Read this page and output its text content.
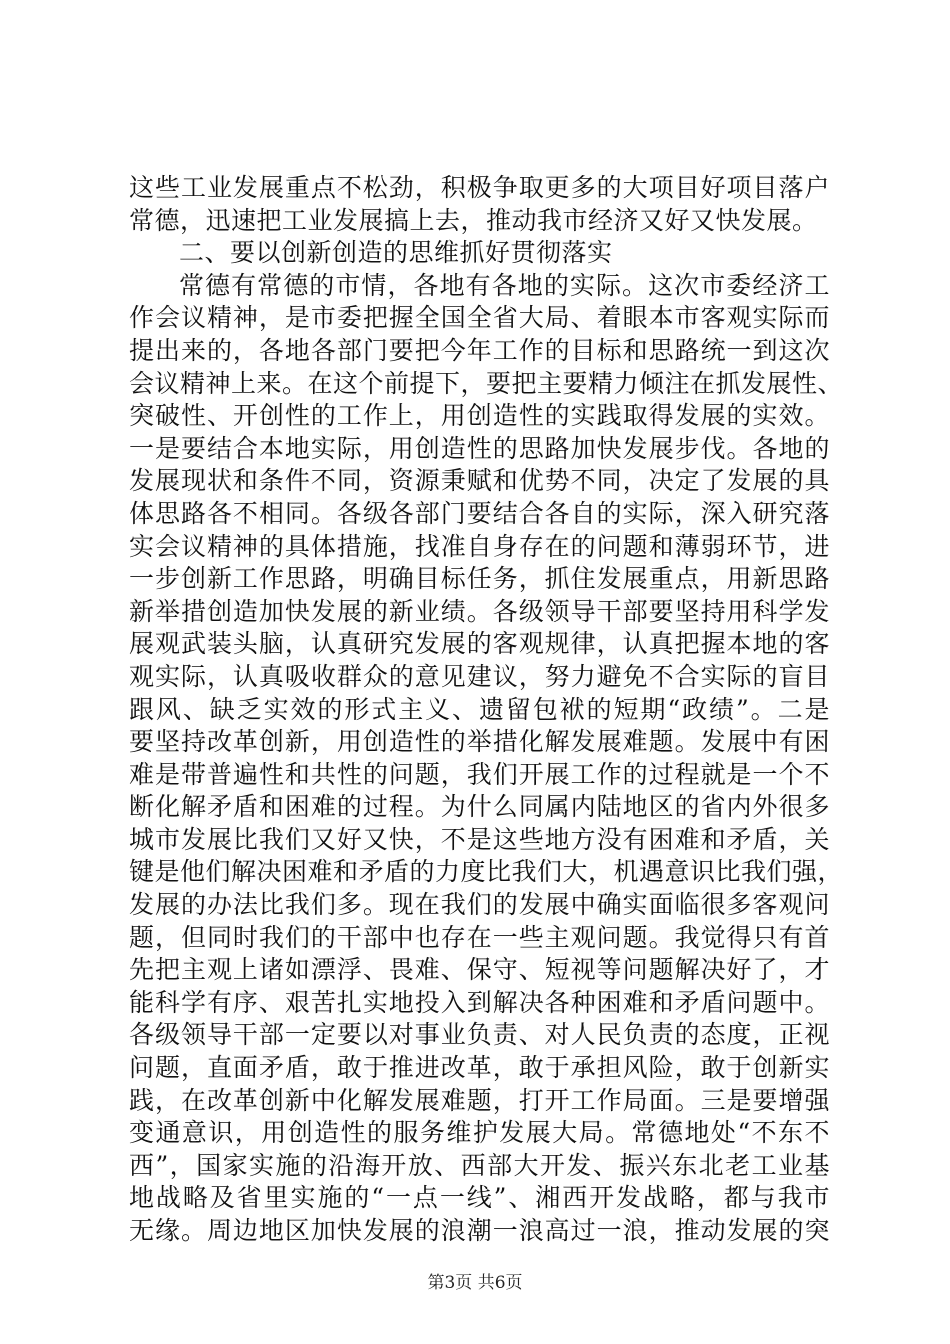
这些工业发展重点不松劲，积极争取更多的大项目好项目落户
常德，迅速把工业发展搞上去，推动我市经济又好又快发展。
二、要以创新创造的思维抓好贯彻落实
常德有常德的市情，各地有各地的实际。这次市委经济工
作会议精神，是市委把握全国全省大局、着眼本市客观实际而
提出来的，各地各部门要把今年工作的目标和思路统一到这次
会议精神上来。在这个前提下，要把主要精力倾注在抓发展性、
突破性、开创性的工作上，用创造性的实践取得发展的实效。
一是要结合本地实际，用创造性的思路加快发展步伐。各地的
发展现状和条件不同，资源秉赋和优势不同，决定了发展的具
体思路各不相同。各级各部门要结合各自的实际，深入研究落
实会议精神的具体措施，找准自身存在的问题和薄弱环节，进
一步创新工作思路，明确目标任务，抓住发展重点，用新思路
新举措创造加快发展的新业绩。各级领导干部要坚持用科学发
展观武装头脑，认真研究发展的客观规律，认真把握本地的客
观实际，认真吸收群众的意见建议，努力避免不合实际的盲目
跟风、缺乏实效的形式主义、遗留包袱的短期“政绩”。二是
要坚持改革创新，用创造性的举措化解发展难题。发展中有困
难是带普遍性和共性的问题，我们开展工作的过程就是一个不
断化解矛盾和困难的过程。为什么同属内陆地区的省内外很多
城市发展比我们又好又快，不是这些地方没有困难和矛盾，关
键是他们解决困难和矛盾的力度比我们大，机遇意识比我们强，
发展的办法比我们多。现在我们的发展中确实面临很多客观问
题，但同时我们的干部中也存在一些主观问题。我觉得只有首
先把主观上诸如漂浮、畏难、保守、短视等问题解决好了，才
能科学有序、艰苦扎实地投入到解决各种困难和矛盾问题中。
各级领导干部一定要以对事业负责、对人民负责的态度，正视
问题，直面矛盾，敢于推进改革，敢于承担风险，敢于创新实
践，在改革创新中化解发展难题，打开工作局面。三是要增强
变通意识，用创造性的服务维护发展大局。常德地处“不东不
西”，国家实施的沿海开放、西部大开发、振兴东北老工业基
地战略及省里实施的“一点一线”、湘西开发战略，都与我市
无缘。周边地区加快发展的浪潮一浪高过一浪，推动发展的突
第3页 共6页
